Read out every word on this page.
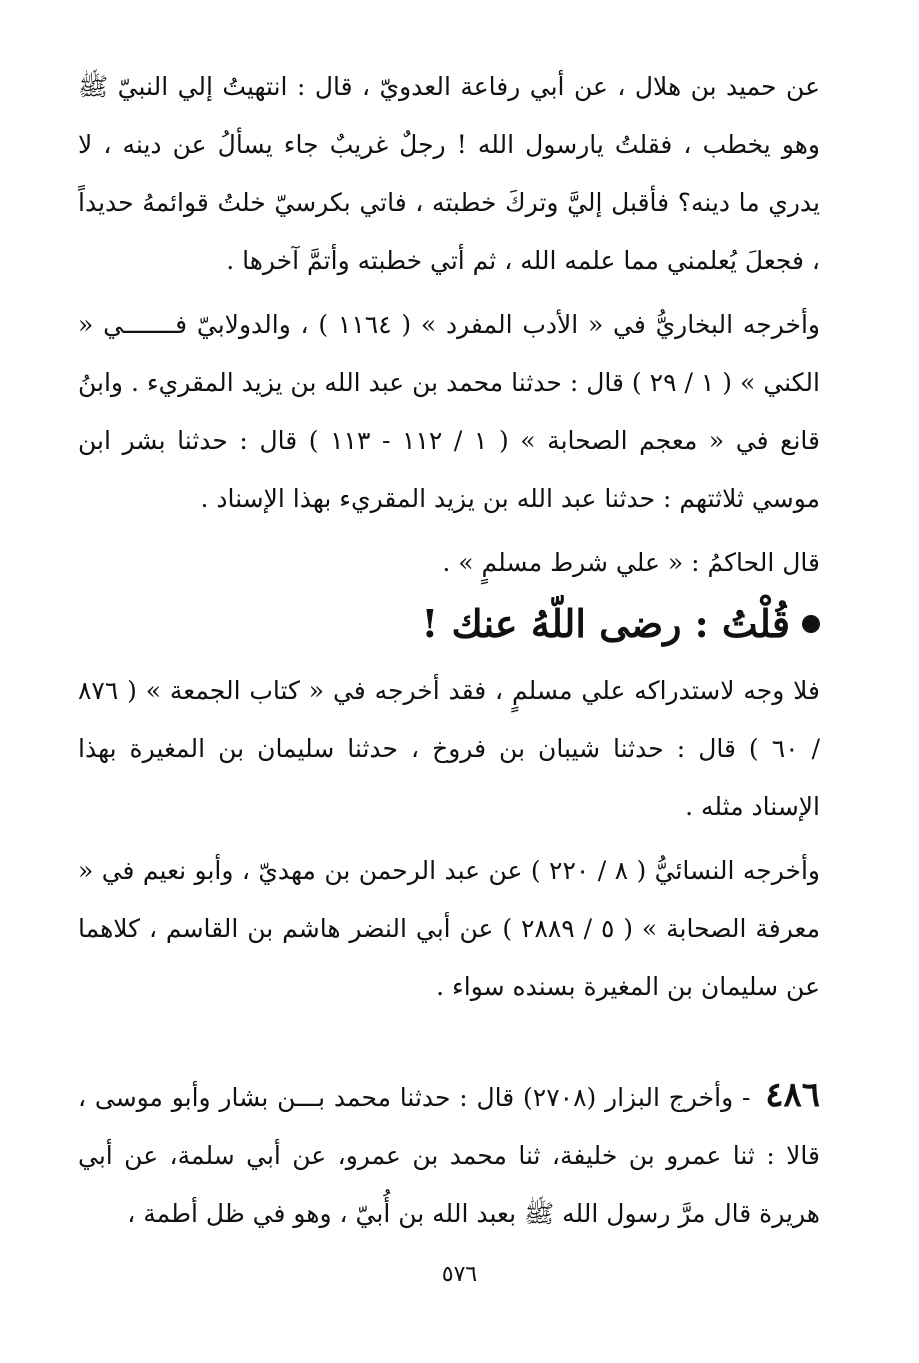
عن حميد بن هلال ، عن أبي رفاعة العدويّ ، قال : انتهيتُ إلي النبيّ ﷺ وهو يخطب ، فقلتُ يارسول الله ! رجلٌ غريبٌ جاء يسألُ عن دينه ، لا يدري ما دينه؟ فأقبل إليَّ وتركَ خطبته ، فاتي بكرسيّ خلتُ قوائمهُ حديداً ، فجعلَ يُعلمني مما علمه الله ، ثم أتي خطبته وأتمَّ آخرها .

وأخرجه البخاريُّ في « الأدب المفرد » ( ١١٦٤ ) ، والدولابيّ فـــــــي « الكني » ( ١ / ٢٩ ) قال : حدثنا محمد بن عبد الله بن يزيد المقريء . وابنُ قانع في « معجم الصحابة » ( ١ / ١١٢ - ١١٣ ) قال : حدثنا بشر ابن موسي ثلاثتهم : حدثنا عبد الله بن يزيد المقريء بهذا الإسناد .

قال الحاكمُ : « علي شرط مسلمٍ » .

قُلْتُ : رضى اللّهُ عنك !

فلا وجه لاستدراكه علي مسلمٍ ، فقد أخرجه في « كتاب الجمعة » ( ٨٧٦ / ٦٠ ) قال : حدثنا شيبان بن فروخ ، حدثنا سليمان بن المغيرة بهذا الإسناد مثله .

وأخرجه النسائيُّ ( ٨ / ٢٢٠ ) عن عبد الرحمن بن مهديّ ، وأبو نعيم في « معرفة الصحابة » ( ٥ / ٢٨٨٩ ) عن أبي النضر هاشم بن القاسم ، كلاهما عن سليمان بن المغيرة بسنده سواء .

٤٨٦ - وأخرج البزار (٢٧٠٨) قال : حدثنا محمد بـــن بشار وأبو موسى ، قالا : ثنا عمرو بن خليفة، ثنا محمد بن عمرو، عن أبي سلمة، عن أبي هريرة قال مرَّ رسول الله ﷺ بعبد الله بن أُبيّ ، وهو في ظل أطمة ،

٥٧٦
